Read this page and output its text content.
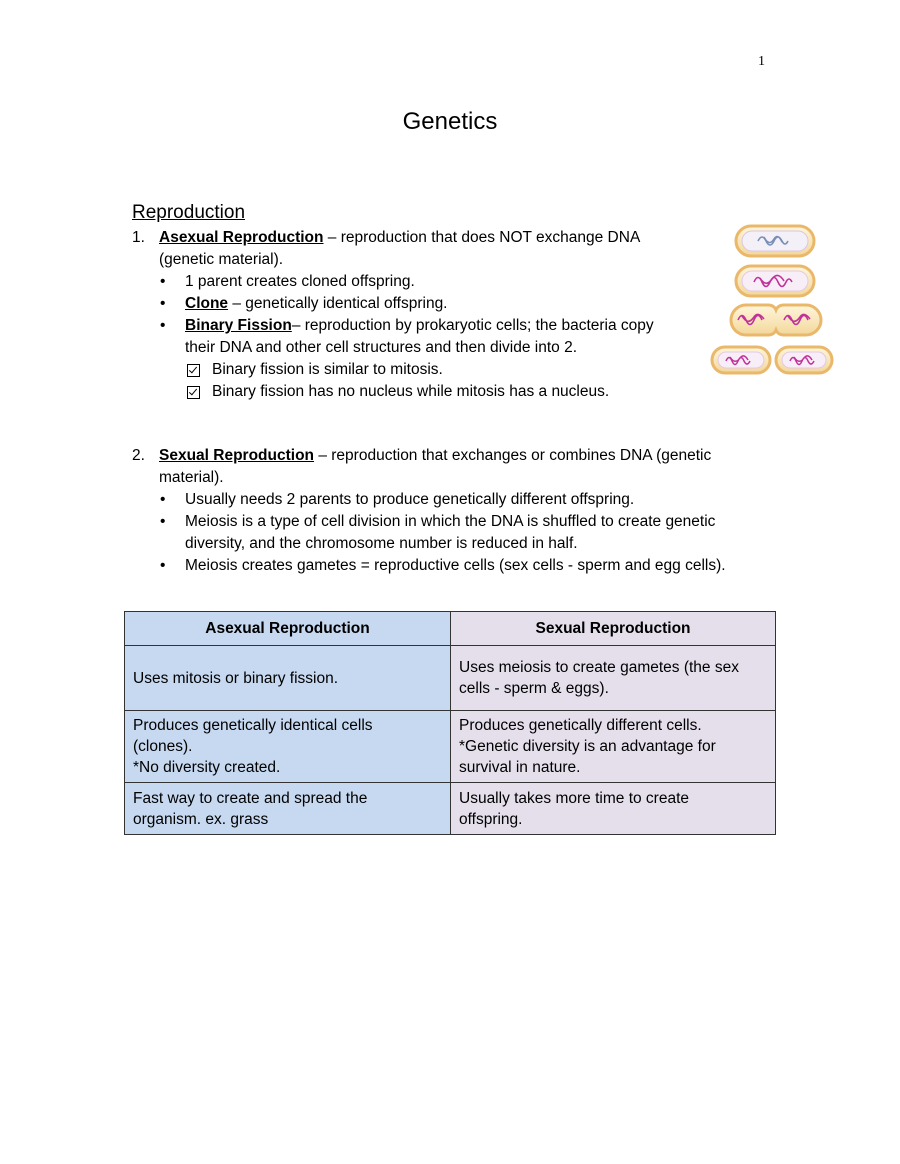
1
Genetics
Reproduction
1. Asexual Reproduction – reproduction that does NOT exchange DNA
(genetic material).
• 1 parent creates cloned offspring.
• Clone – genetically identical offspring.
• Binary Fission– reproduction by prokaryotic cells; the bacteria copy
their DNA and other cell structures and then divide into 2.
Binary fission is similar to mitosis.
Binary fission has no nucleus while mitosis has a nucleus.
2. Sexual Reproduction – reproduction that exchanges or combines DNA (genetic
material).
• Usually needs 2 parents to produce genetically different offspring.
• Meiosis is a type of cell division in which the DNA is shuffled to create genetic
diversity, and the chromosome number is reduced in half.
• Meiosis creates gametes = reproductive cells (sex cells - sperm and egg cells).
Asexual Reproduction	Sexual Reproduction
Uses mitosis or binary fission.	Uses meiosis to create gametes (the sex
cells - sperm & eggs).
Produces genetically identical cells
(clones).
*No diversity created.	Produces genetically different cells.
*Genetic diversity is an advantage for
survival in nature.
Fast way to create and spread the
organism. ex. grass	Usually takes more time to create
offspring.
